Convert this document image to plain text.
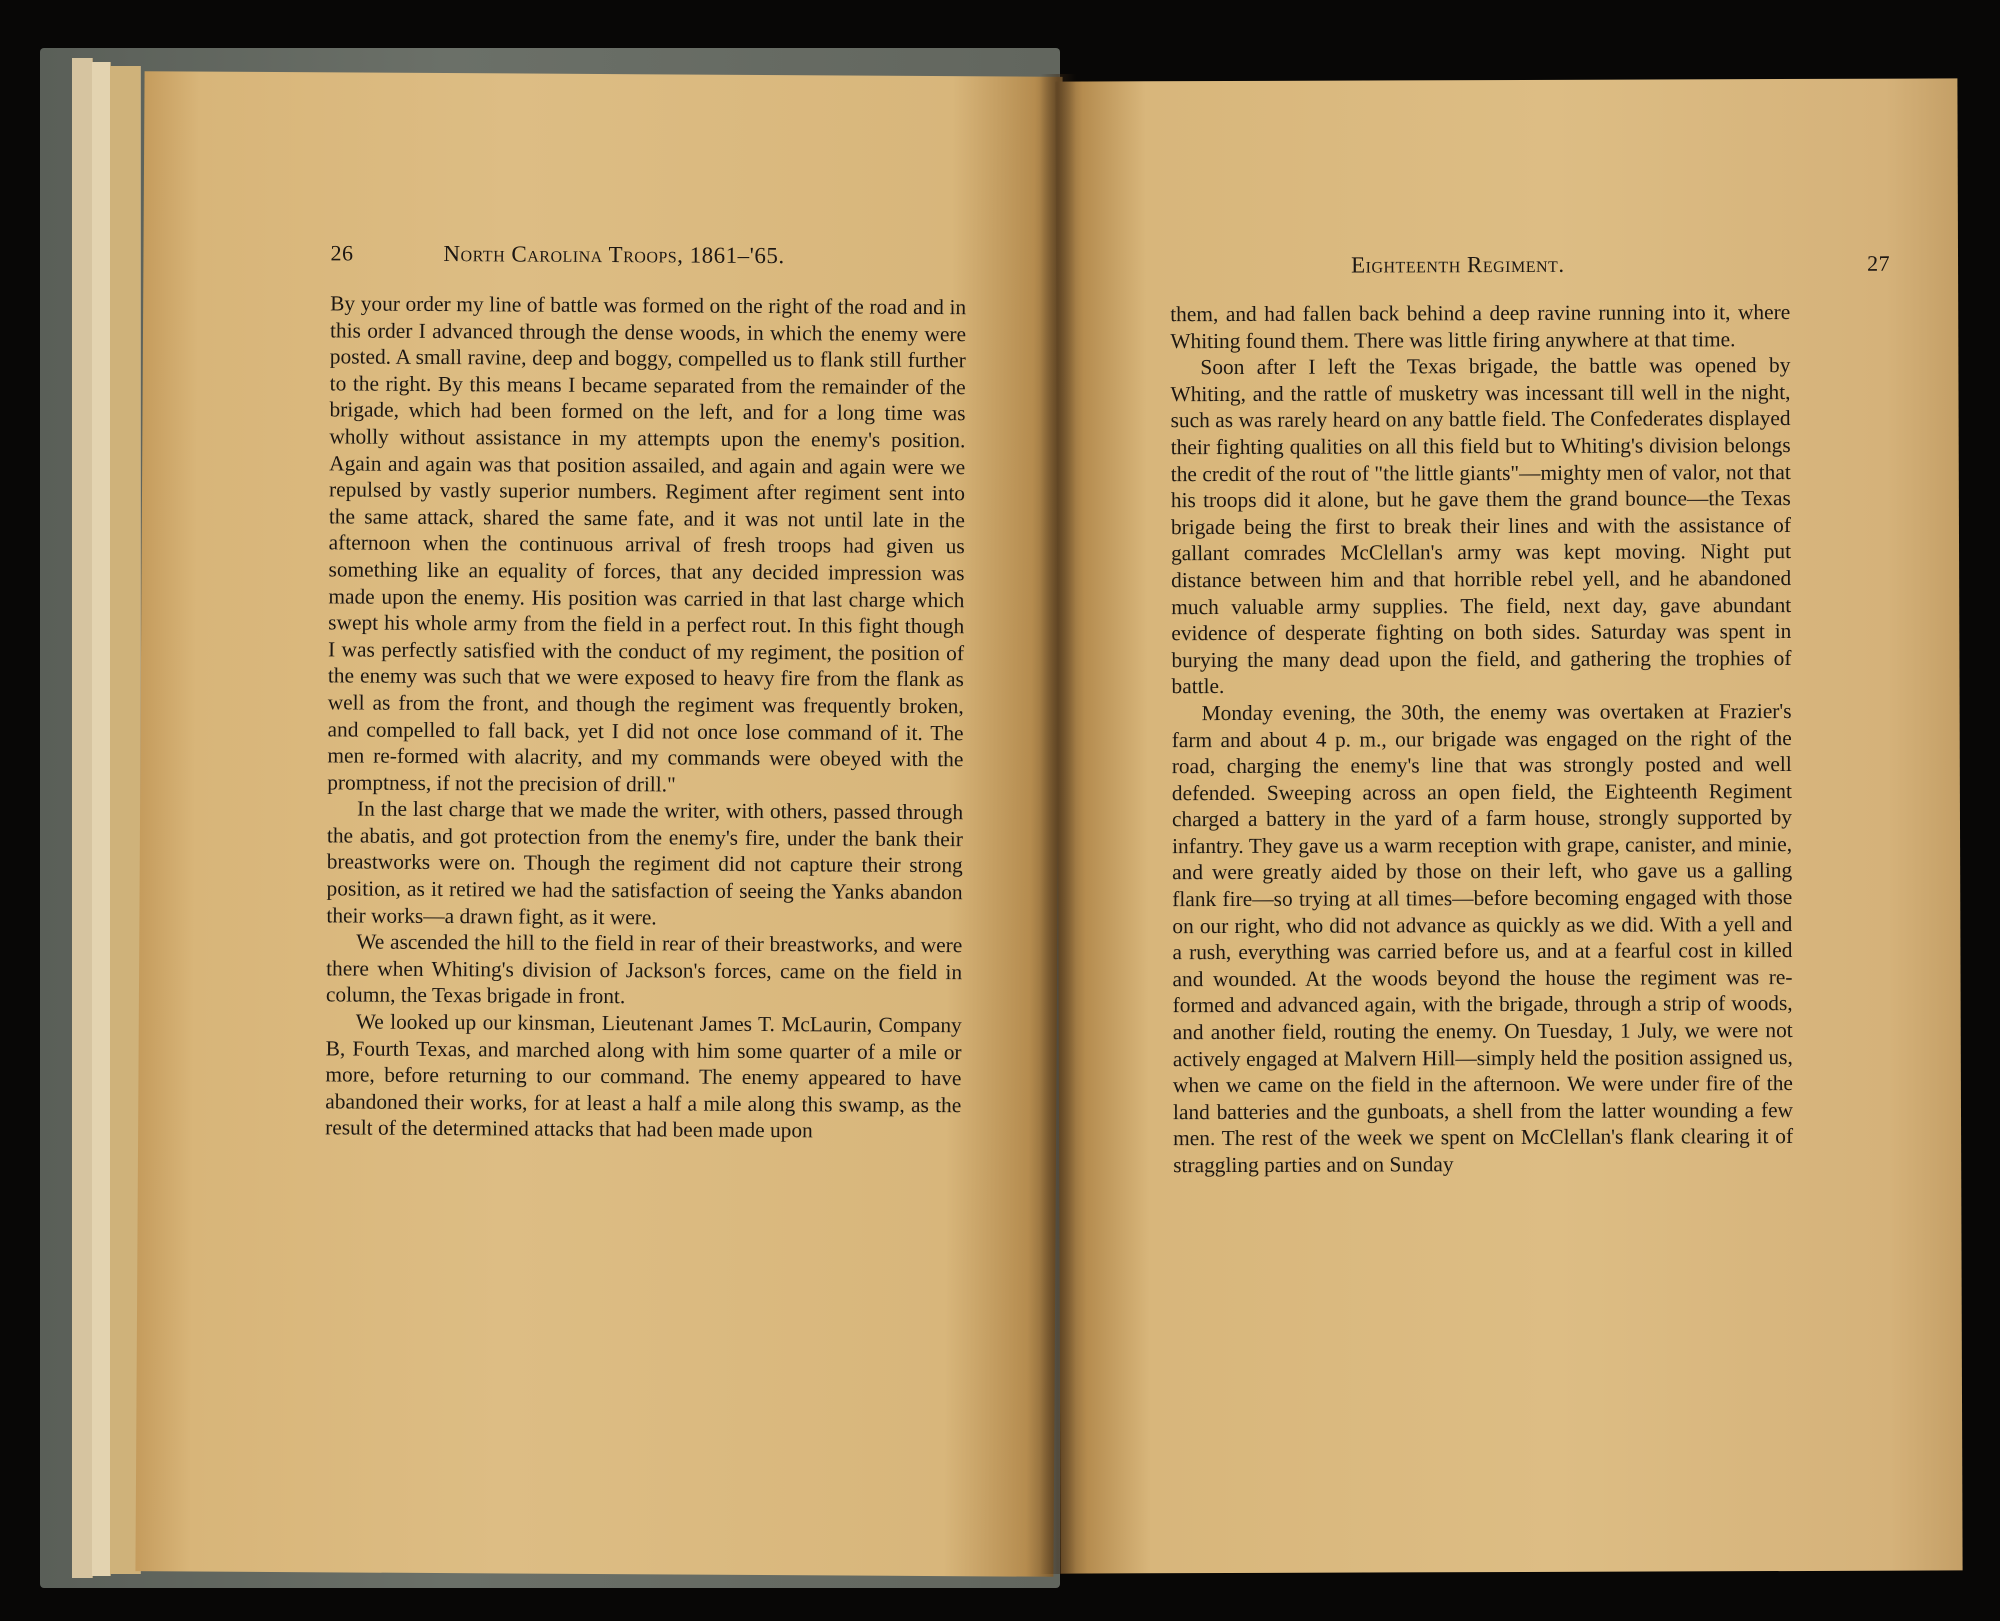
26	North Carolina Troops, 1861–'65.

By your order my line of battle was formed on the right of the road and in this order I advanced through the dense woods, in which the enemy were posted. A small ravine, deep and boggy, compelled us to flank still further to the right. By this means I became separated from the remainder of the brigade, which had been formed on the left, and for a long time was wholly without assistance in my attempts upon the enemy's position. Again and again was that position assailed, and again and again were we repulsed by vastly superior numbers. Regiment after regiment sent into the same attack, shared the same fate, and it was not until late in the afternoon when the continuous arrival of fresh troops had given us something like an equality of forces, that any decided impression was made upon the enemy. His position was carried in that last charge which swept his whole army from the field in a perfect rout. In this fight though I was perfectly satisfied with the conduct of my regiment, the position of the enemy was such that we were exposed to heavy fire from the flank as well as from the front, and though the regiment was frequently broken, and compelled to fall back, yet I did not once lose command of it. The men re-formed with alacrity, and my commands were obeyed with the promptness, if not the precision of drill."

In the last charge that we made the writer, with others, passed through the abatis, and got protection from the enemy's fire, under the bank their breastworks were on. Though the regiment did not capture their strong position, as it retired we had the satisfaction of seeing the Yanks abandon their works—a drawn fight, as it were.

We ascended the hill to the field in rear of their breastworks, and were there when Whiting's division of Jackson's forces, came on the field in column, the Texas brigade in front.

We looked up our kinsman, Lieutenant James T. McLaurin, Company B, Fourth Texas, and marched along with him some quarter of a mile or more, before returning to our command. The enemy appeared to have abandoned their works, for at least a half a mile along this swamp, as the result of the determined attacks that had been made upon

Eighteenth Regiment.	27

them, and had fallen back behind a deep ravine running into it, where Whiting found them. There was little firing anywhere at that time.

Soon after I left the Texas brigade, the battle was opened by Whiting, and the rattle of musketry was incessant till well in the night, such as was rarely heard on any battle field. The Confederates displayed their fighting qualities on all this field but to Whiting's division belongs the credit of the rout of "the little giants"—mighty men of valor, not that his troops did it alone, but he gave them the grand bounce—the Texas brigade being the first to break their lines and with the assistance of gallant comrades McClellan's army was kept moving. Night put distance between him and that horrible rebel yell, and he abandoned much valuable army supplies. The field, next day, gave abundant evidence of desperate fighting on both sides. Saturday was spent in burying the many dead upon the field, and gathering the trophies of battle.

Monday evening, the 30th, the enemy was overtaken at Frazier's farm and about 4 p. m., our brigade was engaged on the right of the road, charging the enemy's line that was strongly posted and well defended. Sweeping across an open field, the Eighteenth Regiment charged a battery in the yard of a farm house, strongly supported by infantry. They gave us a warm reception with grape, canister, and minie, and were greatly aided by those on their left, who gave us a galling flank fire—so trying at all times—before becoming engaged with those on our right, who did not advance as quickly as we did. With a yell and a rush, everything was carried before us, and at a fearful cost in killed and wounded. At the woods beyond the house the regiment was re-formed and advanced again, with the brigade, through a strip of woods, and another field, routing the enemy. On Tuesday, 1 July, we were not actively engaged at Malvern Hill—simply held the position assigned us, when we came on the field in the afternoon. We were under fire of the land batteries and the gunboats, a shell from the latter wounding a few men. The rest of the week we spent on McClellan's flank clearing it of straggling parties and on Sunday
